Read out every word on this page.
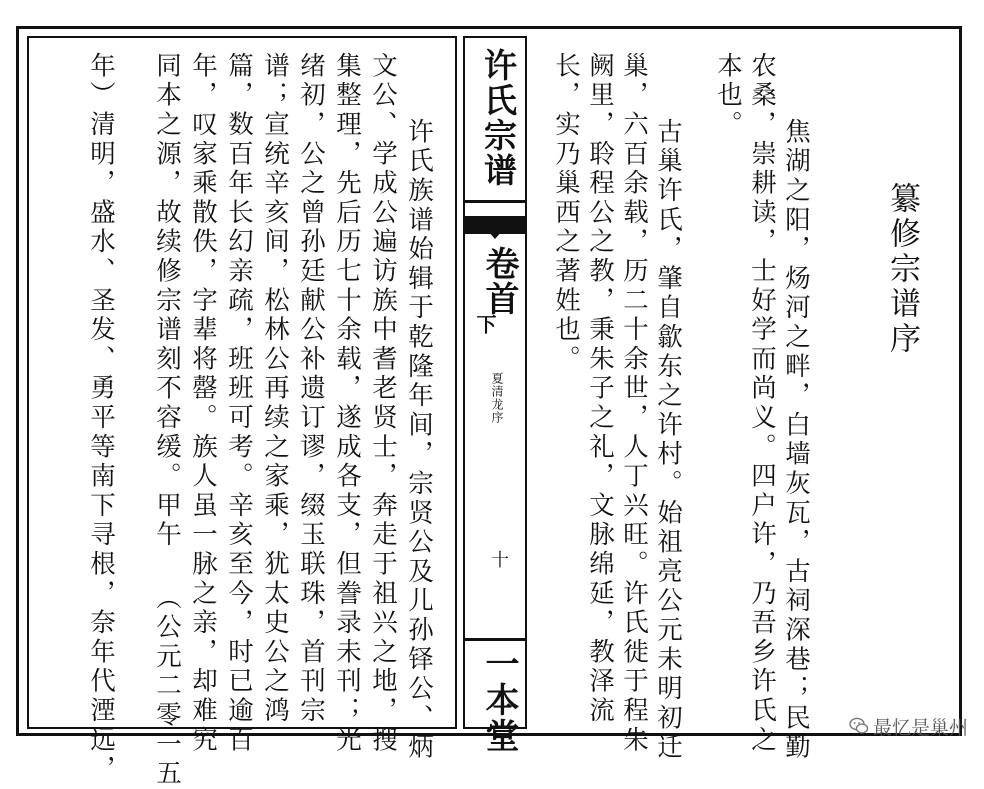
纂修宗谱序
焦湖之阳，炀河之畔，白墙灰瓦，古祠深巷；民勤
农桑，崇耕读，士好学而尚义。四户许，乃吾乡许氏之
本也。
古巢许氏，肇自歙东之许村。始祖亮公元未明初迁
巢，六百余载，历二十余世，人丁兴旺。许氏徙于程朱
阙里，聆程公之教，秉朱子之礼，文脉绵延，教泽流
长，实乃巢西之著姓也。
许氏宗谱
卷首
下
夏清龙序
十
一本堂
许氏族谱始辑于乾隆年间，宗贤公及儿孙铎公、炳
文公、学成公遍访族中耆老贤士，奔走于祖兴之地，搜
集整理，先后历七十余载，遂成各支，但誊录未刊；光
绪初，公之曾孙廷献公补遗订谬，缀玉联珠，首刊宗
谱；宣统辛亥间，松林公再续之家乘，犹太史公之鸿
篇，数百年长幻亲疏，班班可考。辛亥至今，时已逾百
年，叹家乘散佚，字辈将罄。族人虽一脉之亲，却难究
同本之源，故续修宗谱刻不容缓。甲午 （公元二零一五
年）清明，盛水、圣发、勇平等南下寻根，奈年代湮远，	最忆是巢州
